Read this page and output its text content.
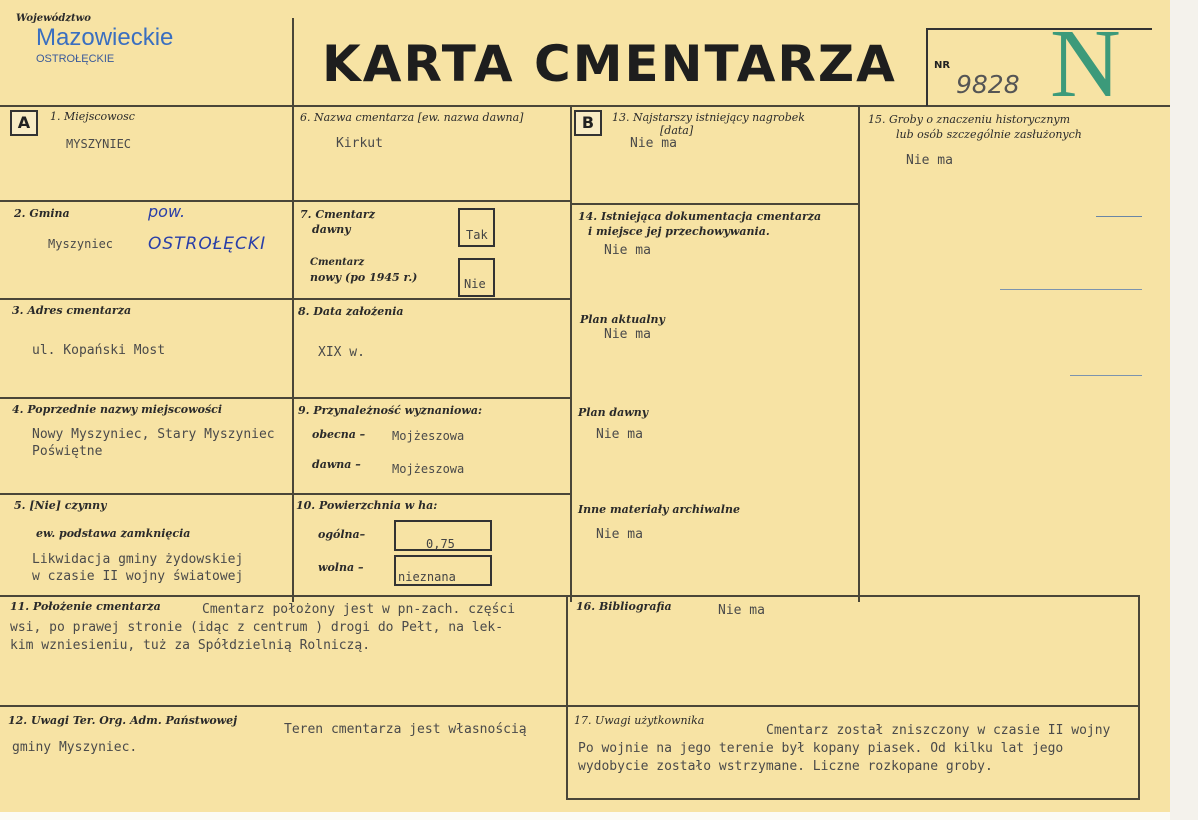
Województwo
Mazowieckie
OSTROŁĘCKIE	KARTA CMENTARZA	NR
9828 N
A	B
1. Miejscowosc
MYSZYNIEC
6. Nazwa cmentarza [ew. nazwa dawna]
Kirkut
13. Najstarszy istniejący nagrobek
[data]
Nie ma
15. Groby o znaczeniu historycznym
lub osób szczególnie zasłużonych
Nie ma
2. Gmina
Myszyniec
pow.
OSTROŁĘCKI
7. Cmentarz
dawny	Tak
Cmentarz
nowy (po 1945 r.)	Nie
14. Istniejąca dokumentacja cmentarza
i miejsce jej przechowywania.
Nie ma
3. Adres cmentarza
ul. Kopański Most
8. Data założenia
XIX w.
Plan aktualny
Nie ma
4. Poprzednie nazwy miejscowości
Nowy Myszyniec, Stary Myszyniec
Poświętne
9. Przynależność wyznaniowa:
obecna – Mojżeszowa
dawna –	Mojżeszowa
Plan dawny
Nie ma
5. [Nie] czynny
ew. podstawa zamknięcia
Likwidacja gminy żydowskiej
w czasie II wojny światowej
10. Powierzchnia w ha:
ogólna–
0,75
wolna –
nieznana
Inne materiały archiwalne
Nie ma
11. Położenie cmentarza	Cmentarz położony jest w pn-zach. części
wsi, po prawej stronie (idąc z centrum ) drogi do Pełt, na lek-
kim wzniesieniu, tuż za Spółdzielnią Rolniczą.
16. Bibliografia	Nie ma
12. Uwagi Ter. Org. Adm. Państwowej
Teren cmentarza jest własnością
gminy Myszyniec.
17. Uwagi użytkownika
Cmentarz został zniszczony w czasie II wojny
Po wojnie na jego terenie był kopany piasek. Od kilku lat jego
wydobycie zostało wstrzymane. Liczne rozkopane groby.
